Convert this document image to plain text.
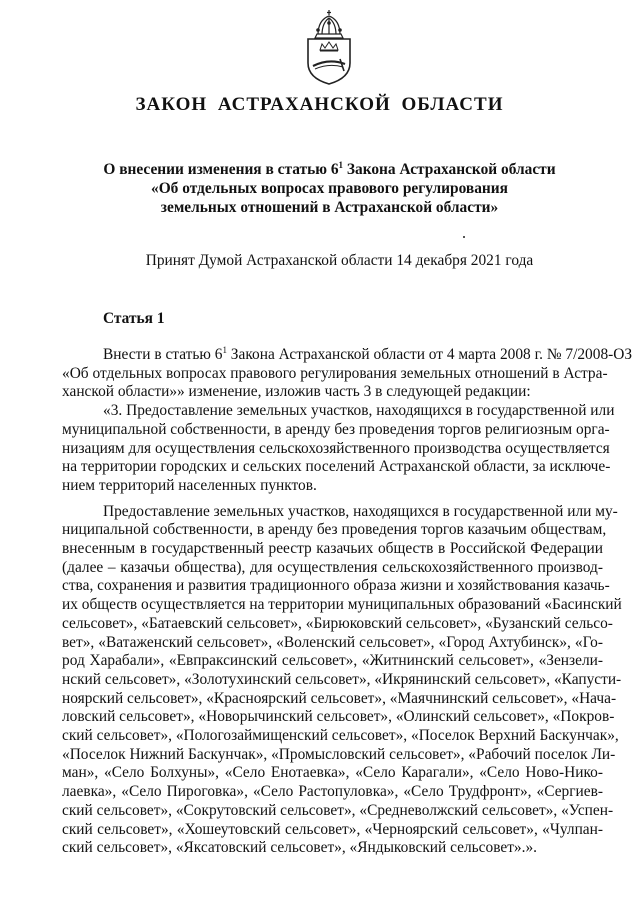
ЗАКОН АСТРАХАНСКОЙ ОБЛАСТИ
О внесении изменения в статью $6^1$ Закона Астраханской области
«Об отдельных вопросах правового регулирования
земельных отношений в Астраханской области»
Принят Думой Астраханской области 14 декабря 2021 года
Статья 1
Внести в статью $6^1$ Закона Астраханской области от 4 марта 2008 г. № 7/2008-ОЗ
«Об отдельных вопросах правового регулирования земельных отношений в Астра-
ханской области»» изменение, изложив часть 3 в следующей редакции:
«3. Предоставление земельных участков, находящихся в государственной или
муниципальной собственности, в аренду без проведения торгов религиозным орга-
низациям для осуществления сельскохозяйственного производства осуществляется
на территории городских и сельских поселений Астраханской области, за исключе-
нием территорий населенных пунктов.
Предоставление земельных участков, находящихся в государственной или му-
ниципальной собственности, в аренду без проведения торгов казачьим обществам,
внесенным в государственный реестр казачьих обществ в Российской Федерации
(далее – казачьи общества), для осуществления сельскохозяйственного производ-
ства, сохранения и развития традиционного образа жизни и хозяйствования казачь-
их обществ осуществляется на территории муниципальных образований «Басинский
сельсовет», «Батаевский сельсовет», «Бирюковский сельсовет», «Бузанский сельсо-
вет», «Ватаженский сельсовет», «Воленский сельсовет», «Город Ахтубинск», «Го-
род Харабали», «Евпраксинский сельсовет», «Житнинский сельсовет», «Зензели-
нский сельсовет», «Золотухинский сельсовет», «Икрянинский сельсовет», «Капусти-
ноярский сельсовет», «Красноярский сельсовет», «Маячнинский сельсовет», «Нача-
ловский сельсовет», «Новорычинский сельсовет», «Олинский сельсовет», «Покров-
ский сельсовет», «Пологозаймищенский сельсовет», «Поселок Верхний Баскунчак»,
«Поселок Нижний Баскунчак», «Промысловский сельсовет», «Рабочий поселок Ли-
ман», «Село Болхуны», «Село Енотаевка», «Село Карагали», «Село Ново-Нико-
лаевка», «Село Пироговка», «Село Растопуловка», «Село Трудфронт», «Сергиев-
ский сельсовет», «Сокрутовский сельсовет», «Средневолжский сельсовет», «Успен-
ский сельсовет», «Хошеутовский сельсовет», «Черноярский сельсовет», «Чулпан-
ский сельсовет», «Яксатовский сельсовет», «Яндыковский сельсовет».».
